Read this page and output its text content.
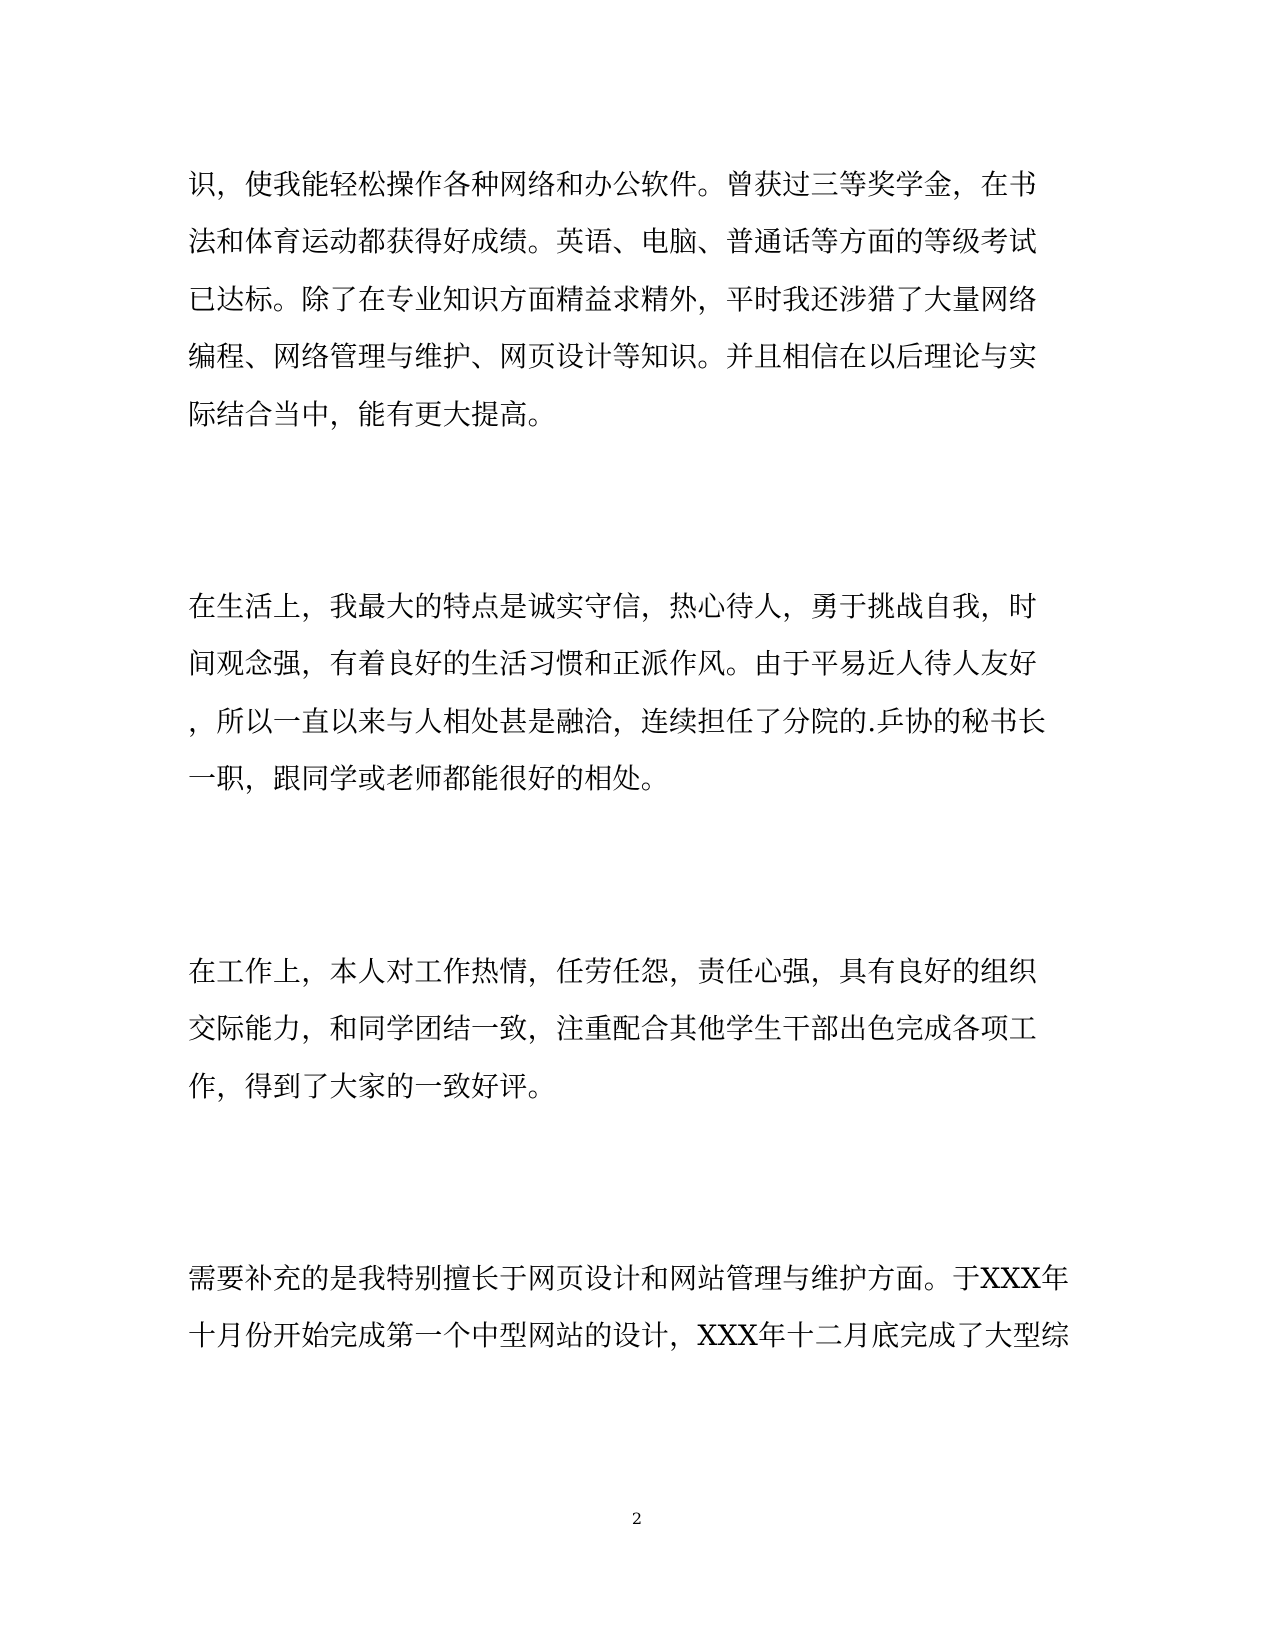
识，使我能轻松操作各种网络和办公软件。曾获过三等奖学金，在书
法和体育运动都获得好成绩。英语、电脑、普通话等方面的等级考试
已达标。除了在专业知识方面精益求精外，平时我还涉猎了大量网络
编程、网络管理与维护、网页设计等知识。并且相信在以后理论与实
际结合当中，能有更大提高。
在生活上，我最大的特点是诚实守信，热心待人，勇于挑战自我，时
间观念强，有着良好的生活习惯和正派作风。由于平易近人待人友好
，所以一直以来与人相处甚是融洽，连续担任了分院的.乒协的秘书长
一职，跟同学或老师都能很好的相处。
在工作上，本人对工作热情，任劳任怨，责任心强，具有良好的组织
交际能力，和同学团结一致，注重配合其他学生干部出色完成各项工
作，得到了大家的一致好评。
需要补充的是我特别擅长于网页设计和网站管理与维护方面。于XXX年
十月份开始完成第一个中型网站的设计，XXX年十二月底完成了大型综
2
